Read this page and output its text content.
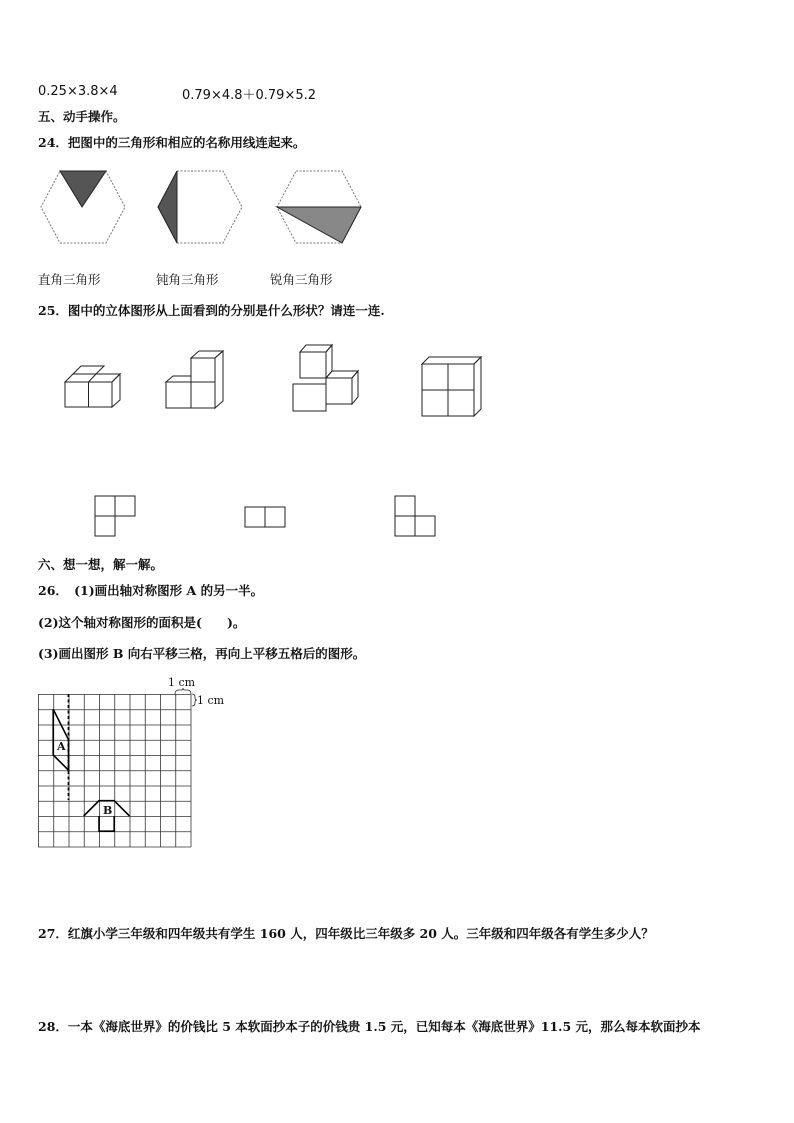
0.25×3.8×4	0.79×4.8＋0.79×5.2
五、动手操作。
24．把图中的三角形和相应的名称用线连起来。
直角三角形	钝角三角形	锐角三角形
25．图中的立体图形从上面看到的分别是什么形状？请连一连.
六、想一想，解一解。
26．　(1)画出轴对称图形 A 的另一半。
(2)这个轴对称图形的面积是(　　)。
(3)画出图形 B 向右平移三格，再向上平移五格后的图形。
A
B
1 cm
1 cm
27．红旗小学三年级和四年级共有学生 160 人，四年级比三年级多 20 人。三年级和四年级各有学生多少人？
28．一本《海底世界》的价钱比 5 本软面抄本子的价钱贵 1.5 元，已知每本《海底世界》11.5 元，那么每本软面抄本
